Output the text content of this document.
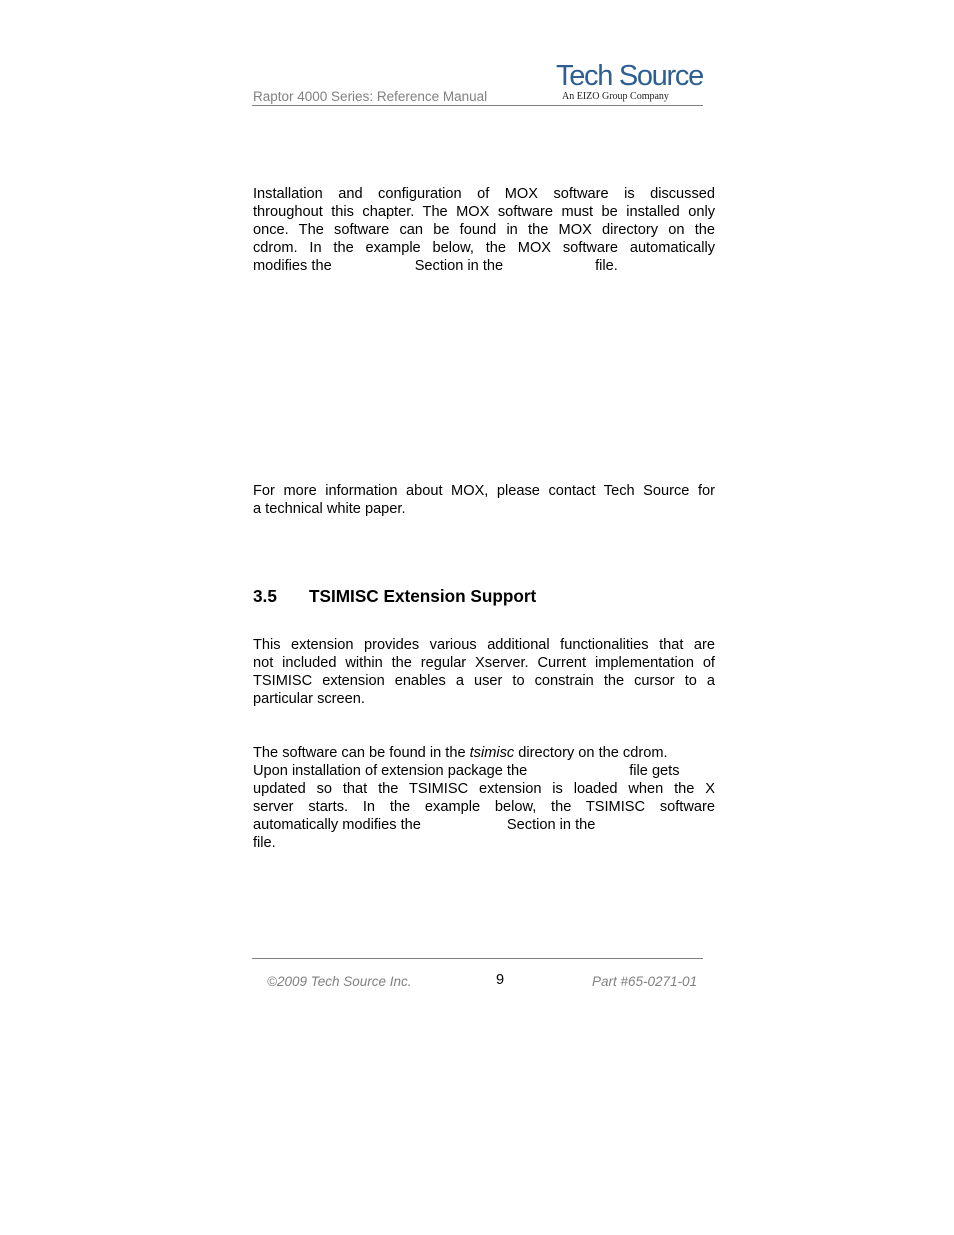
Raptor 4000 Series: Reference Manual
Tech Source
An EIZO Group Company
Installation and configuration of MOX software is discussed
throughout this chapter. The MOX software must be installed only
once. The software can be found in the MOX directory on the
cdrom. In the example below, the MOX software automatically
modifies the	Section in the	file.
For more information about MOX, please contact Tech Source for
a technical white paper.
3.5 TSIMISC Extension Support
This extension provides various additional functionalities that are
not included within the regular Xserver. Current implementation of
TSIMISC extension enables a user to constrain the cursor to a
particular screen.
The software can be found in the tsimisc directory on the cdrom.
Upon installation of extension package the	file gets
updated so that the TSIMISC extension is loaded when the X
server starts. In the example below, the TSIMISC software
automatically modifies the	Section in the
file.
©2009 Tech Source Inc.	9	Part #65-0271-01
